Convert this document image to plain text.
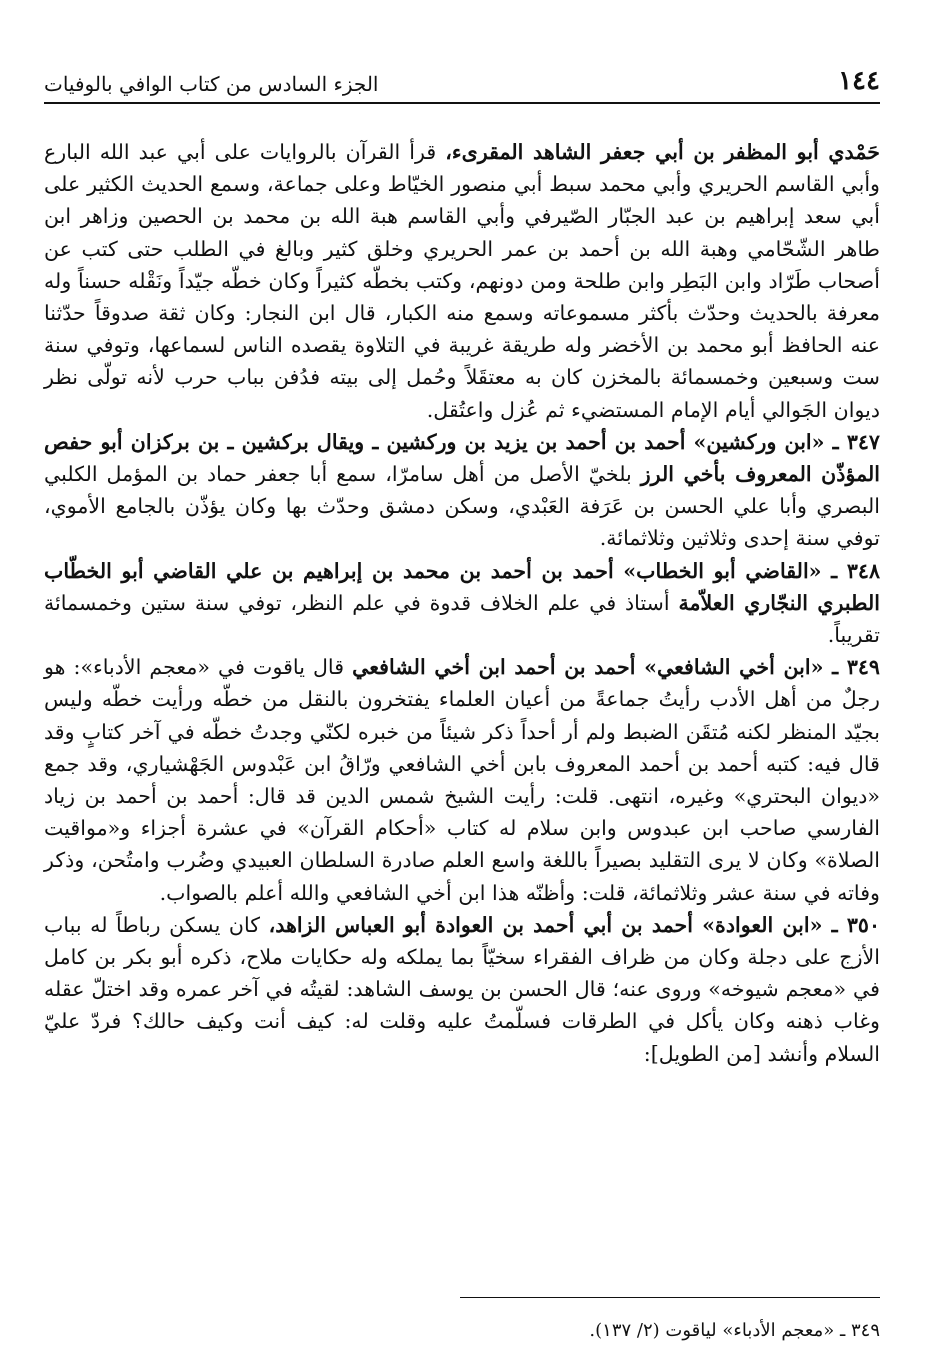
١٤٤
الجزء السادس من كتاب الوافي بالوفيات

حَمْدي أبو المظفر بن أبي جعفر الشاهد المقرىء، قرأ القرآن بالروايات على أبي عبد الله البارع وأبي القاسم الحريري وأبي محمد سبط أبي منصور الخيّاط وعلى جماعة، وسمع الحديث الكثير على أبي سعد إبراهيم بن عبد الجبّار الصّيرفي وأبي القاسم هبة الله بن محمد بن الحصين وزاهر ابن طاهر الشّحّامي وهبة الله بن أحمد بن عمر الحريري وخلق كثير وبالغ في الطلب حتى كتب عن أصحاب طَرّاد وابن البَطِر وابن طلحة ومن دونهم، وكتب بخطّه كثيراً وكان خطّه جيّداً ونَقْله حسناً وله معرفة بالحديث وحدّث بأكثر مسموعاته وسمع منه الكبار، قال ابن النجار: وكان ثقة صدوقاً حدّثنا عنه الحافظ أبو محمد بن الأخضر وله طريقة غريبة في التلاوة يقصده الناس لسماعها، وتوفي سنة ست وسبعين وخمسمائة بالمخزن كان به معتقَلاً وحُمل إلى بيته فدُفن بباب حرب لأنه تولّى نظر ديوان الجَوالي أيام الإمام المستضيء ثم عُزل واعتُقل.

٣٤٧ ـ «ابن وركشين» أحمد بن أحمد بن يزيد بن وركشين ـ ويقال بركشين ـ بن بركزان أبو حفص المؤذّن المعروف بأخي الرز بلخيّ الأصل من أهل سامرّا، سمع أبا جعفر حماد بن المؤمل الكلبي البصري وأبا علي الحسن بن عَرَفة العَبْدي، وسكن دمشق وحدّث بها وكان يؤذّن بالجامع الأموي، توفي سنة إحدى وثلاثين وثلاثمائة.

٣٤٨ ـ «القاضي أبو الخطاب» أحمد بن أحمد بن محمد بن إبراهيم بن علي القاضي أبو الخطّاب الطبري النجّاري العلاّمة أستاذ في علم الخلاف قدوة في علم النظر، توفي سنة ستين وخمسمائة تقريباً.

٣٤٩ ـ «ابن أخي الشافعي» أحمد بن أحمد ابن أخي الشافعي قال ياقوت في «معجم الأدباء»: هو رجلٌ من أهل الأدب رأيتُ جماعةً من أعيان العلماء يفتخرون بالنقل من خطّه ورأيت خطّه وليس بجيّد المنظر لكنه مُتقَن الضبط ولم أر أحداً ذكر شيئاً من خبره لكنّي وجدتُ خطّه في آخر كتابٍ وقد قال فيه: كتبه أحمد بن أحمد المعروف بابن أخي الشافعي ورّاقُ ابن عَبْدوس الجَهْشياري، وقد جمع «ديوان البحتري» وغيره، انتهى. قلت: رأيت الشيخ شمس الدين قد قال: أحمد بن أحمد بن زياد الفارسي صاحب ابن عبدوس وابن سلام له كتاب «أحكام القرآن» في عشرة أجزاء و«مواقيت الصلاة» وكان لا يرى التقليد بصيراً باللغة واسع العلم صادرة السلطان العبيدي وضُرب وامتُحن، وذكر وفاته في سنة عشر وثلاثمائة، قلت: وأظنّه هذا ابن أخي الشافعي والله أعلم بالصواب.

٣٥٠ ـ «ابن العوادة» أحمد بن أبي أحمد بن العوادة أبو العباس الزاهد، كان يسكن رباطاً له بباب الأزج على دجلة وكان من ظراف الفقراء سخيّاً بما يملكه وله حكايات ملاح، ذكره أبو بكر بن كامل في «معجم شيوخه» وروى عنه؛ قال الحسن بن يوسف الشاهد: لقيتُه في آخر عمره وقد اختلّ عقله وغاب ذهنه وكان يأكل في الطرقات فسلّمتُ عليه وقلت له: كيف أنت وكيف حالك؟ فردّ عليّ السلام وأنشد [من الطويل]:

٣٤٩ ـ «معجم الأدباء» لياقوت (٢/ ١٣٧).
